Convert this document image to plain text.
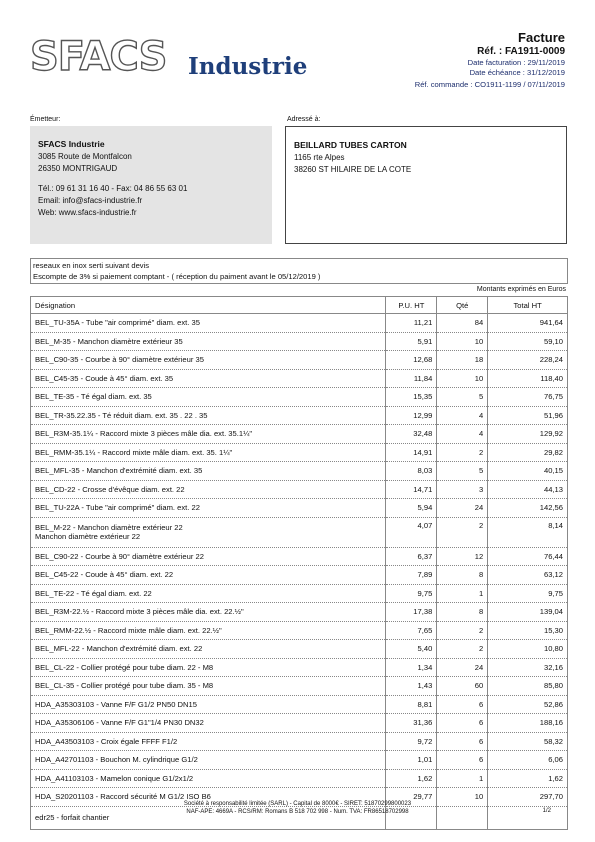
SFACS Industrie
Facture
Réf. : FA1911-0009
Date facturation : 29/11/2019
Date échéance : 31/12/2019
Réf. commande : CO1911-1199 / 07/11/2019
Émetteur:	Adressé à:
SFACS Industrie
3085 Route de Montfalcon
26350 MONTRIGAUD
Tél.: 09 61 31 16 40 - Fax: 04 86 55 63 01
Email: info@sfacs-industrie.fr
Web: www.sfacs-industrie.fr
BEILLARD TUBES CARTON
1165 rte Alpes
38260 ST HILAIRE DE LA COTE
reseaux en inox serti suivant devis
Escompte de 3% si paiement comptant - ( réception du paiment avant le 05/12/2019 )
Montants exprimés en Euros
Désignation	P.U. HT	Qté	Total HT
BEL_TU-35A - Tube "air comprimé" diam. ext. 35	11,21	84	941,64
BEL_M-35 - Manchon diamètre extérieur 35	5,91	10	59,10
BEL_C90-35 - Courbe à 90° diamètre extérieur 35	12,68	18	228,24
BEL_C45-35 - Coude à 45° diam. ext. 35	11,84	10	118,40
BEL_TE-35 - Té égal diam. ext. 35	15,35	5	76,75
BEL_TR-35.22.35 - Té réduit diam. ext. 35 . 22 . 35	12,99	4	51,96
BEL_R3M-35.1¼ - Raccord mixte 3 pièces mâle dia. ext. 35.1¼"	32,48	4	129,92
BEL_RMM-35.1¼ - Raccord mixte mâle diam. ext. 35. 1¼"	14,91	2	29,82
BEL_MFL-35 - Manchon d'extrémité diam. ext. 35	8,03	5	40,15
BEL_CD-22 - Crosse d'évêque diam. ext. 22	14,71	3	44,13
BEL_TU-22A - Tube "air comprimé" diam. ext. 22	5,94	24	142,56
BEL_M-22 - Manchon diamètre extérieur 22
Manchon diamètre extérieur 22	4,07	2	8,14
BEL_C90-22 - Courbe à 90° diamètre extérieur 22	6,37	12	76,44
BEL_C45-22 - Coude à 45° diam. ext. 22	7,89	8	63,12
BEL_TE-22 - Té égal diam. ext. 22	9,75	1	9,75
BEL_R3M-22.½ - Raccord mixte 3 pièces mâle dia. ext. 22.½"	17,38	8	139,04
BEL_RMM-22.½ - Raccord mixte mâle diam. ext. 22.½"	7,65	2	15,30
BEL_MFL-22 - Manchon d'extrémité diam. ext. 22	5,40	2	10,80
BEL_CL-22 - Collier protégé pour tube diam. 22 - M8	1,34	24	32,16
BEL_CL-35 - Collier protégé pour tube diam. 35 - M8	1,43	60	85,80
HDA_A35303103 - Vanne F/F G1/2 PN50 DN15	8,81	6	52,86
HDA_A35306106 - Vanne F/F G1"1/4 PN30 DN32	31,36	6	188,16
HDA_A43503103 - Croix égale FFFF F1/2	9,72	6	58,32
HDA_A42701103 - Bouchon M. cylindrique G1/2	1,01	6	6,06
HDA_A41103103 - Mamelon conique G1/2x1/2	1,62	1	1,62
HDA_S20201103 - Raccord sécurité M G1/2 ISO B6	29,77	10	297,70
edr25 - forfait chantier			
Société à responsabilité limitée (SARL) - Capital de 8000€ - SIRET: 51870299800023
NAF-APE: 4669A - RCS/RM: Romans B 518 702 998 - Num. TVA: FR86518702998	1/2
